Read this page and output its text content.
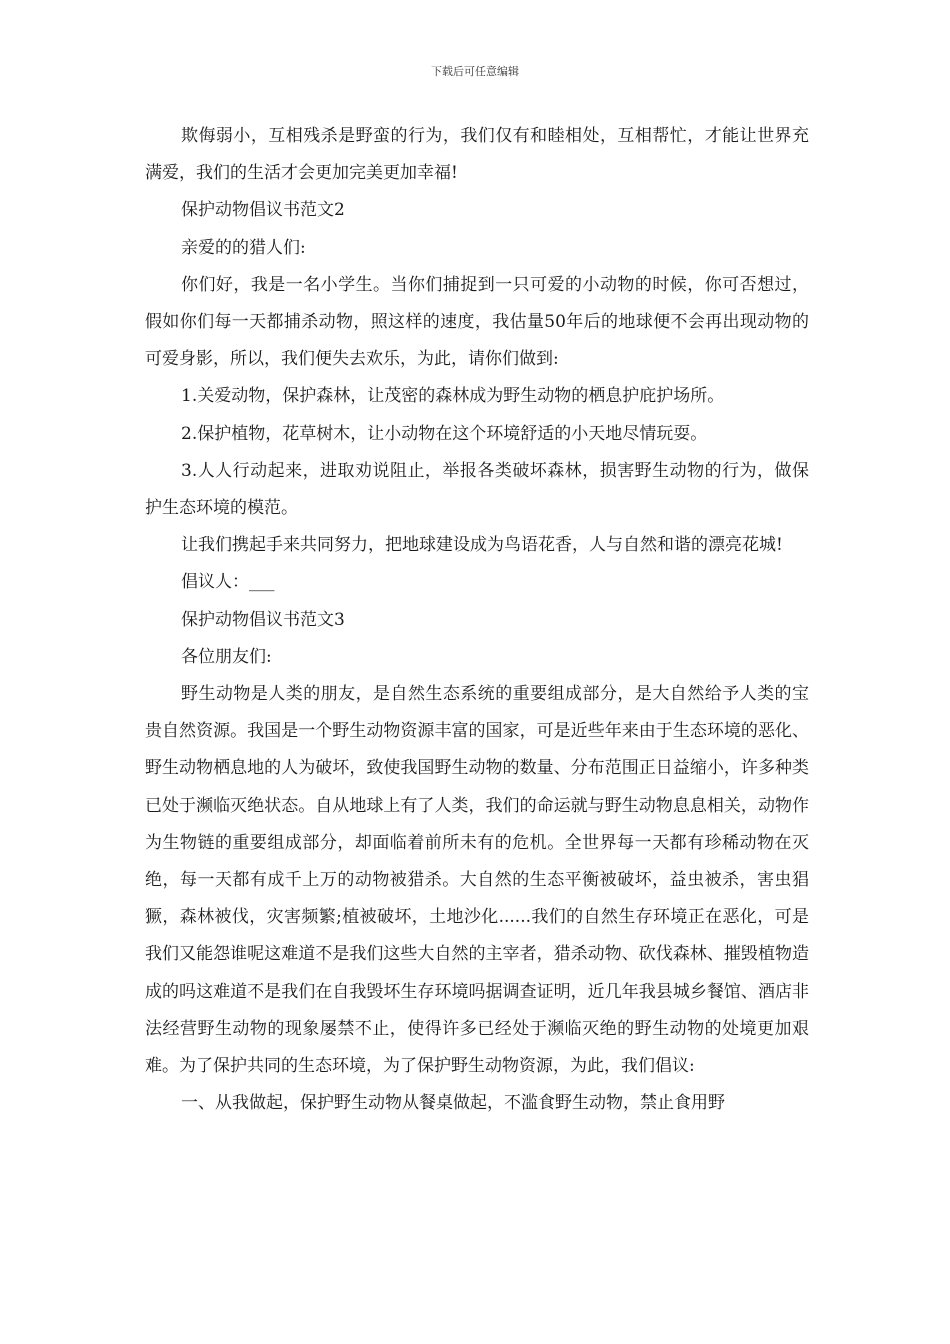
下载后可任意编辑

欺侮弱小，互相残杀是野蛮的行为，我们仅有和睦相处，互相帮忙，才能让世界充满爱，我们的生活才会更加完美更加幸福!

保护动物倡议书范文2

亲爱的的猎人们:

你们好，我是一名小学生。当你们捕捉到一只可爱的小动物的时候，你可否想过，假如你们每一天都捕杀动物，照这样的速度，我估量50年后的地球便不会再出现动物的可爱身影，所以，我们便失去欢乐，为此，请你们做到:

1.关爱动物，保护森林，让茂密的森林成为野生动物的栖息护庇护场所。

2.保护植物，花草树木，让小动物在这个环境舒适的小天地尽情玩耍。

3.人人行动起来，进取劝说阻止，举报各类破坏森林，损害野生动物的行为，做保护生态环境的模范。

让我们携起手来共同努力，把地球建设成为鸟语花香，人与自然和谐的漂亮花城!

倡议人：___

保护动物倡议书范文3

各位朋友们:

野生动物是人类的朋友，是自然生态系统的重要组成部分，是大自然给予人类的宝贵自然资源。我国是一个野生动物资源丰富的国家，可是近些年来由于生态环境的恶化、野生动物栖息地的人为破坏，致使我国野生动物的数量、分布范围正日益缩小，许多种类已处于濒临灭绝状态。自从地球上有了人类，我们的命运就与野生动物息息相关，动物作为生物链的重要组成部分，却面临着前所未有的危机。全世界每一天都有珍稀动物在灭绝，每一天都有成千上万的动物被猎杀。大自然的生态平衡被破坏，益虫被杀，害虫猖獗，森林被伐，灾害频繁;植被破坏，土地沙化......我们的自然生存环境正在恶化，可是我们又能怨谁呢这难道不是我们这些大自然的主宰者，猎杀动物、砍伐森林、摧毁植物造成的吗这难道不是我们在自我毁坏生存环境吗据调查证明，近几年我县城乡餐馆、酒店非法经营野生动物的现象屡禁不止，使得许多已经处于濒临灭绝的野生动物的处境更加艰难。为了保护共同的生态环境，为了保护野生动物资源，为此，我们倡议:

一、从我做起，保护野生动物从餐桌做起，不滥食野生动物，禁止食用野
